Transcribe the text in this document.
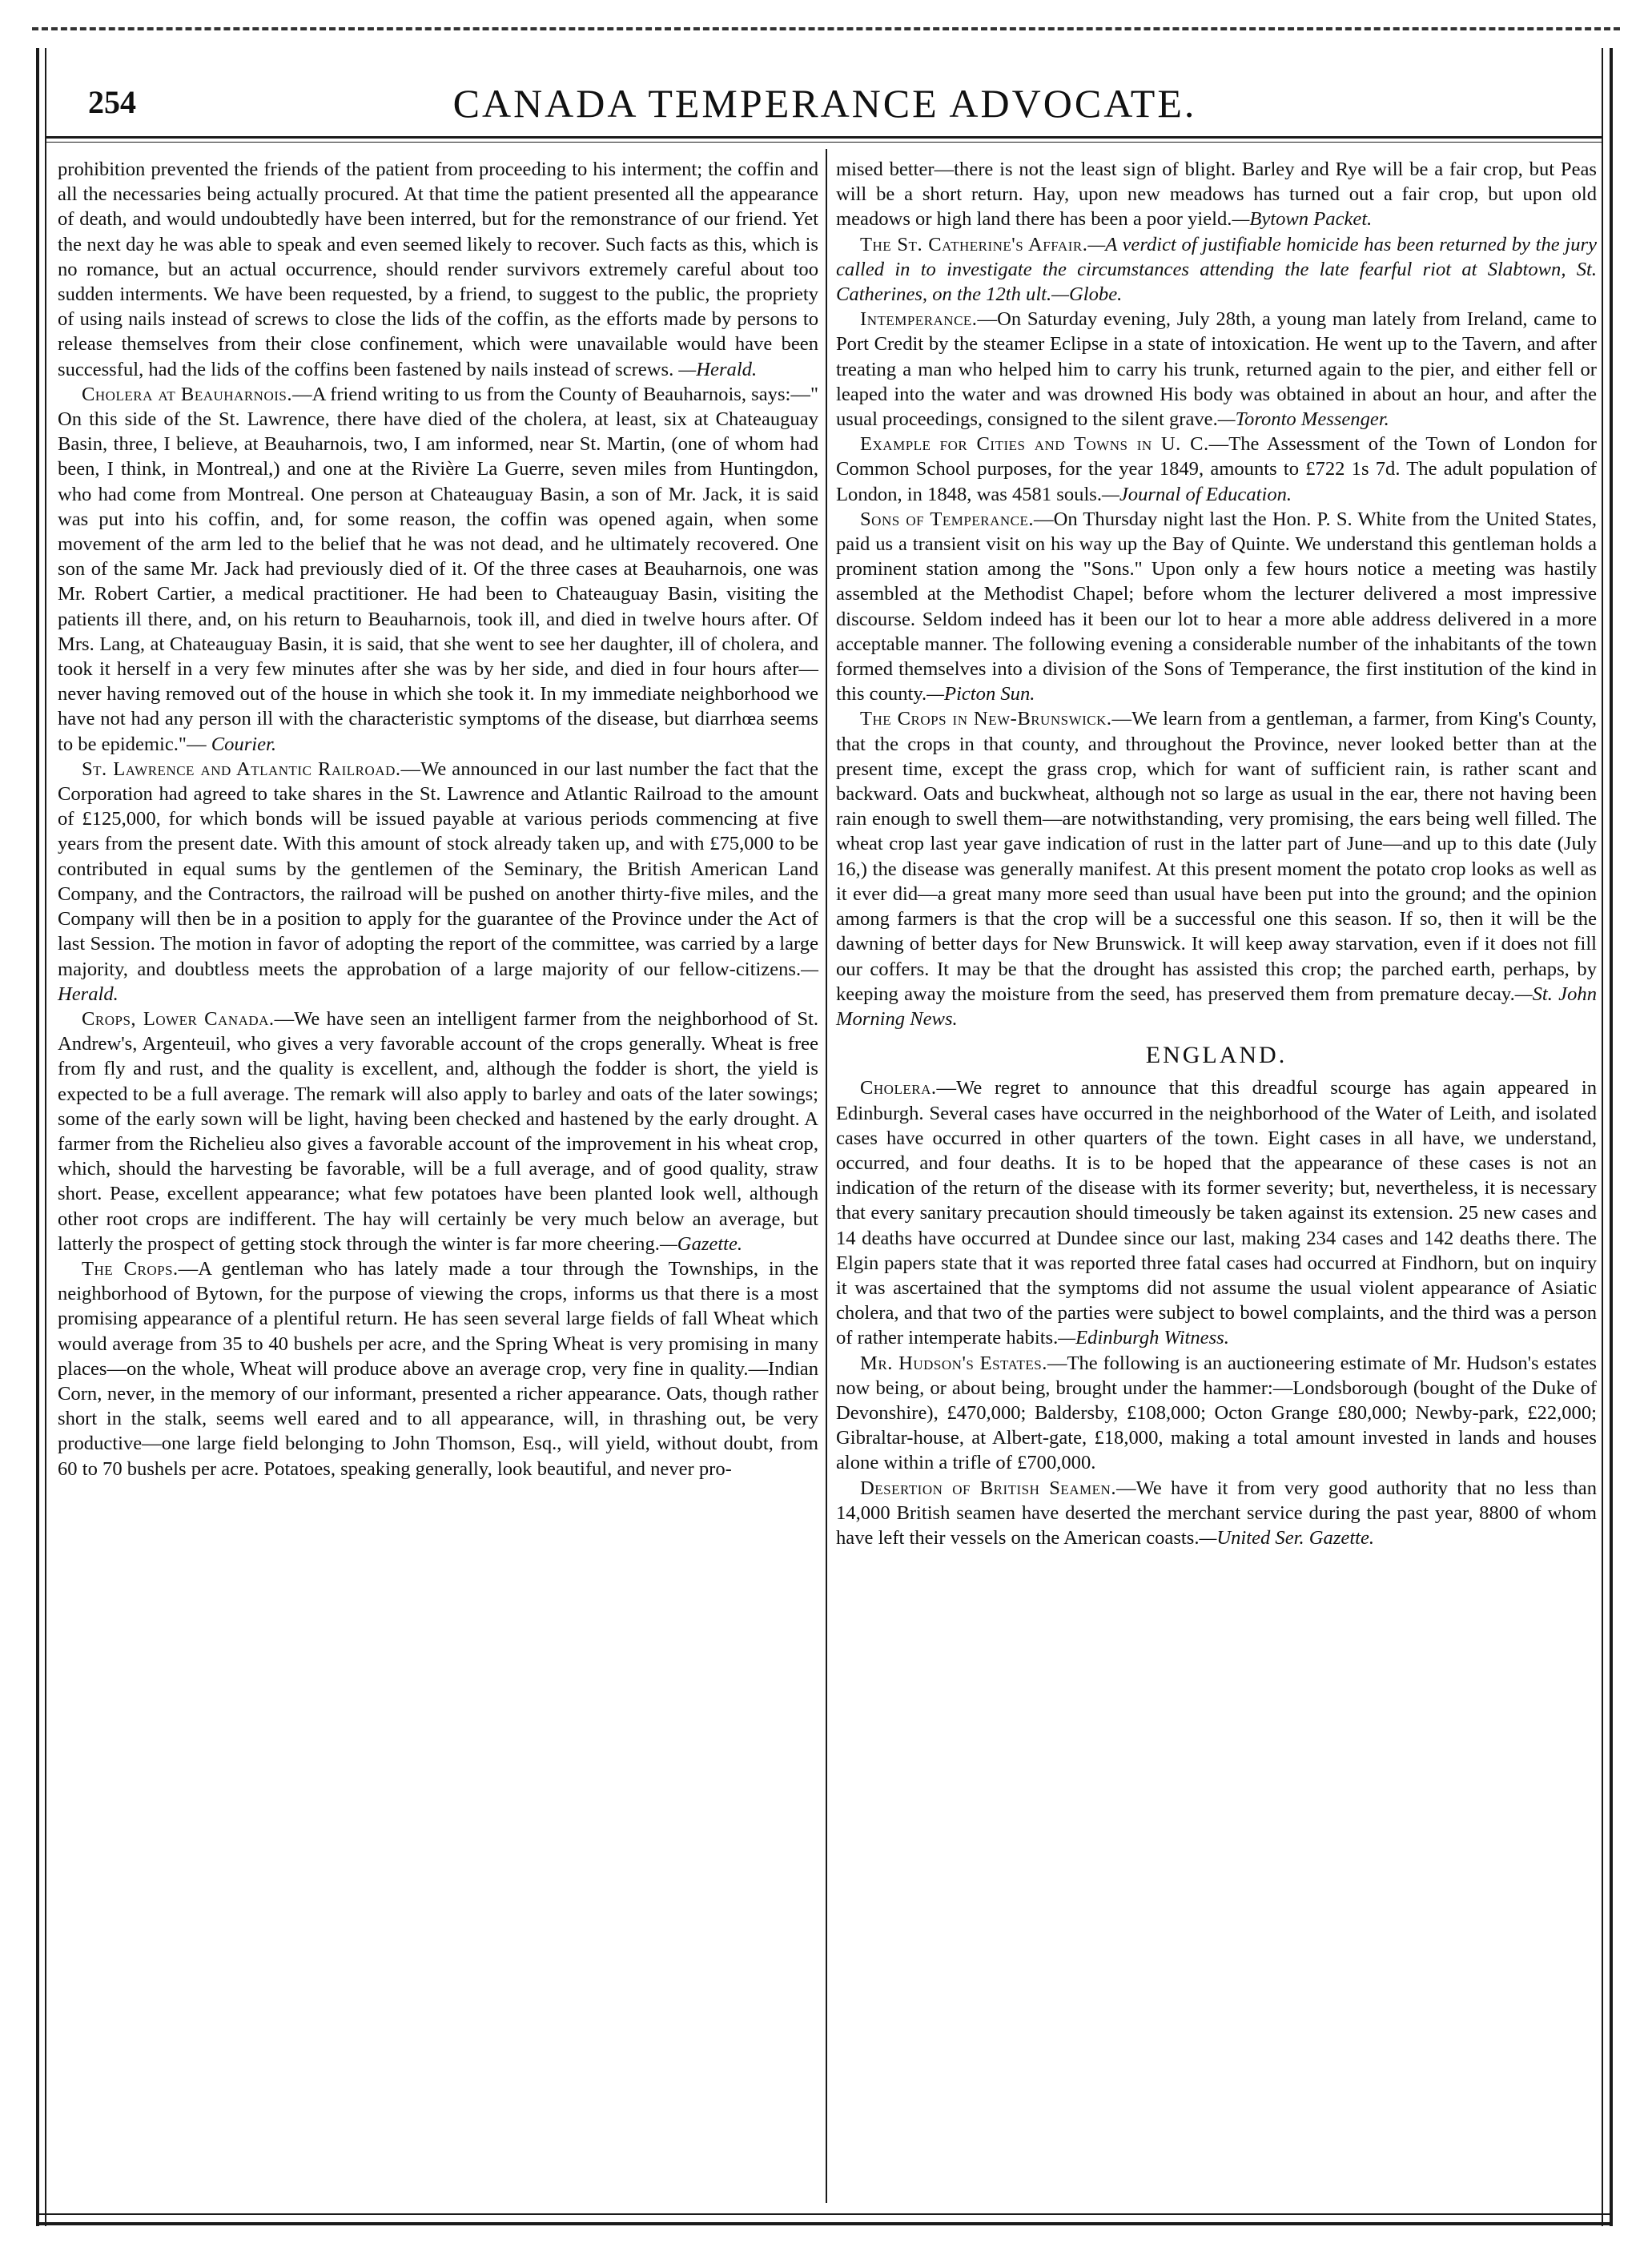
254	CANADA TEMPERANCE ADVOCATE.

prohibition prevented the friends of the patient from proceeding to his interment; the coffin and all the necessaries being actually procured. At that time the patient presented all the appearance of death, and would undoubtedly have been interred, but for the remonstrance of our friend. Yet the next day he was able to speak and even seemed likely to recover. Such facts as this, which is no romance, but an actual occurrence, should render survivors extremely careful about too sudden interments. We have been requested, by a friend, to suggest to the public, the propriety of using nails instead of screws to close the lids of the coffin, as the efforts made by persons to release themselves from their close confinement, which were unavailable would have been successful, had the lids of the coffins been fastened by nails instead of screws. —Herald.

Cholera at Beauharnois.—A friend writing to us from the County of Beauharnois, says:—" On this side of the St. Lawrence, there have died of the cholera, at least, six at Chateauguay Basin, three, I believe, at Beauharnois, two, I am informed, near St. Martin, (one of whom had been, I think, in Montreal,) and one at the Rivière La Guerre, seven miles from Huntingdon, who had come from Montreal. One person at Chateauguay Basin, a son of Mr. Jack, it is said was put into his coffin, and, for some reason, the coffin was opened again, when some movement of the arm led to the belief that he was not dead, and he ultimately recovered. One son of the same Mr. Jack had previously died of it. Of the three cases at Beauharnois, one was Mr. Robert Cartier, a medical practitioner. He had been to Chateauguay Basin, visiting the patients ill there, and, on his return to Beauharnois, took ill, and died in twelve hours after. Of Mrs. Lang, at Chateauguay Basin, it is said, that she went to see her daughter, ill of cholera, and took it herself in a very few minutes after she was by her side, and died in four hours after—never having removed out of the house in which she took it. In my immediate neighborhood we have not had any person ill with the characteristic symptoms of the disease, but diarrhœa seems to be epidemic."— Courier.

St. Lawrence and Atlantic Railroad.—We announced in our last number the fact that the Corporation had agreed to take shares in the St. Lawrence and Atlantic Railroad to the amount of £125,000, for which bonds will be issued payable at various periods commencing at five years from the present date. With this amount of stock already taken up, and with £75,000 to be contributed in equal sums by the gentlemen of the Seminary, the British American Land Company, and the Contractors, the railroad will be pushed on another thirty-five miles, and the Company will then be in a position to apply for the guarantee of the Province under the Act of last Session. The motion in favor of adopting the report of the committee, was carried by a large majority, and doubtless meets the approbation of a large majority of our fellow-citizens.—Herald.

Crops, Lower Canada.—We have seen an intelligent farmer from the neighborhood of St. Andrew's, Argenteuil, who gives a very favorable account of the crops generally. Wheat is free from fly and rust, and the quality is excellent, and, although the fodder is short, the yield is expected to be a full average. The remark will also apply to barley and oats of the later sowings; some of the early sown will be light, having been checked and hastened by the early drought. A farmer from the Richelieu also gives a favorable account of the improvement in his wheat crop, which, should the harvesting be favorable, will be a full average, and of good quality, straw short. Pease, excellent appearance; what few potatoes have been planted look well, although other root crops are indifferent. The hay will certainly be very much below an average, but latterly the prospect of getting stock through the winter is far more cheering.—Gazette.

The Crops.—A gentleman who has lately made a tour through the Townships, in the neighborhood of Bytown, for the purpose of viewing the crops, informs us that there is a most promising appearance of a plentiful return. He has seen several large fields of fall Wheat which would average from 35 to 40 bushels per acre, and the Spring Wheat is very promising in many places—on the whole, Wheat will produce above an average crop, very fine in quality.—Indian Corn, never, in the memory of our informant, presented a richer appearance. Oats, though rather short in the stalk, seems well eared and to all appearance, will, in thrashing out, be very productive—one large field belonging to John Thomson, Esq., will yield, without doubt, from 60 to 70 bushels per acre. Potatoes, speaking generally, look beautiful, and never pro-

mised better—there is not the least sign of blight. Barley and Rye will be a fair crop, but Peas will be a short return. Hay, upon new meadows has turned out a fair crop, but upon old meadows or high land there has been a poor yield.—Bytown Packet.

The St. Catherine's Affair.—A verdict of justifiable homicide has been returned by the jury called in to investigate the circumstances attending the late fearful riot at Slabtown, St. Catherines, on the 12th ult.—Globe.

Intemperance.—On Saturday evening, July 28th, a young man lately from Ireland, came to Port Credit by the steamer Eclipse in a state of intoxication. He went up to the Tavern, and after treating a man who helped him to carry his trunk, returned again to the pier, and either fell or leaped into the water and was drowned His body was obtained in about an hour, and after the usual proceedings, consigned to the silent grave.—Toronto Messenger.

Example for Cities and Towns in U. C.—The Assessment of the Town of London for Common School purposes, for the year 1849, amounts to £722 1s 7d. The adult population of London, in 1848, was 4581 souls.—Journal of Education.

Sons of Temperance.—On Thursday night last the Hon. P. S. White from the United States, paid us a transient visit on his way up the Bay of Quinte. We understand this gentleman holds a prominent station among the "Sons." Upon only a few hours notice a meeting was hastily assembled at the Methodist Chapel; before whom the lecturer delivered a most impressive discourse. Seldom indeed has it been our lot to hear a more able address delivered in a more acceptable manner. The following evening a considerable number of the inhabitants of the town formed themselves into a division of the Sons of Temperance, the first institution of the kind in this county.—Picton Sun.

The Crops in New-Brunswick.—We learn from a gentleman, a farmer, from King's County, that the crops in that county, and throughout the Province, never looked better than at the present time, except the grass crop, which for want of sufficient rain, is rather scant and backward. Oats and buckwheat, although not so large as usual in the ear, there not having been rain enough to swell them—are notwithstanding, very promising, the ears being well filled. The wheat crop last year gave indication of rust in the latter part of June—and up to this date (July 16,) the disease was generally manifest. At this present moment the potato crop looks as well as it ever did—a great many more seed than usual have been put into the ground; and the opinion among farmers is that the crop will be a successful one this season. If so, then it will be the dawning of better days for New Brunswick. It will keep away starvation, even if it does not fill our coffers. It may be that the drought has assisted this crop; the parched earth, perhaps, by keeping away the moisture from the seed, has preserved them from premature decay.—St. John Morning News.

ENGLAND.

Cholera.—We regret to announce that this dreadful scourge has again appeared in Edinburgh. Several cases have occurred in the neighborhood of the Water of Leith, and isolated cases have occurred in other quarters of the town. Eight cases in all have, we understand, occurred, and four deaths. It is to be hoped that the appearance of these cases is not an indication of the return of the disease with its former severity; but, nevertheless, it is necessary that every sanitary precaution should timeously be taken against its extension. 25 new cases and 14 deaths have occurred at Dundee since our last, making 234 cases and 142 deaths there. The Elgin papers state that it was reported three fatal cases had occurred at Findhorn, but on inquiry it was ascertained that the symptoms did not assume the usual violent appearance of Asiatic cholera, and that two of the parties were subject to bowel complaints, and the third was a person of rather intemperate habits.—Edinburgh Witness.

Mr. Hudson's Estates.—The following is an auctioneering estimate of Mr. Hudson's estates now being, or about being, brought under the hammer:—Londsborough (bought of the Duke of Devonshire), £470,000; Baldersby, £108,000; Octon Grange £80,000; Newby-park, £22,000; Gibraltar-house, at Albert-gate, £18,000, making a total amount invested in lands and houses alone within a trifle of £700,000.

Desertion of British Seamen.—We have it from very good authority that no less than 14,000 British seamen have deserted the merchant service during the past year, 8800 of whom have left their vessels on the American coasts.—United Ser. Gazette.
